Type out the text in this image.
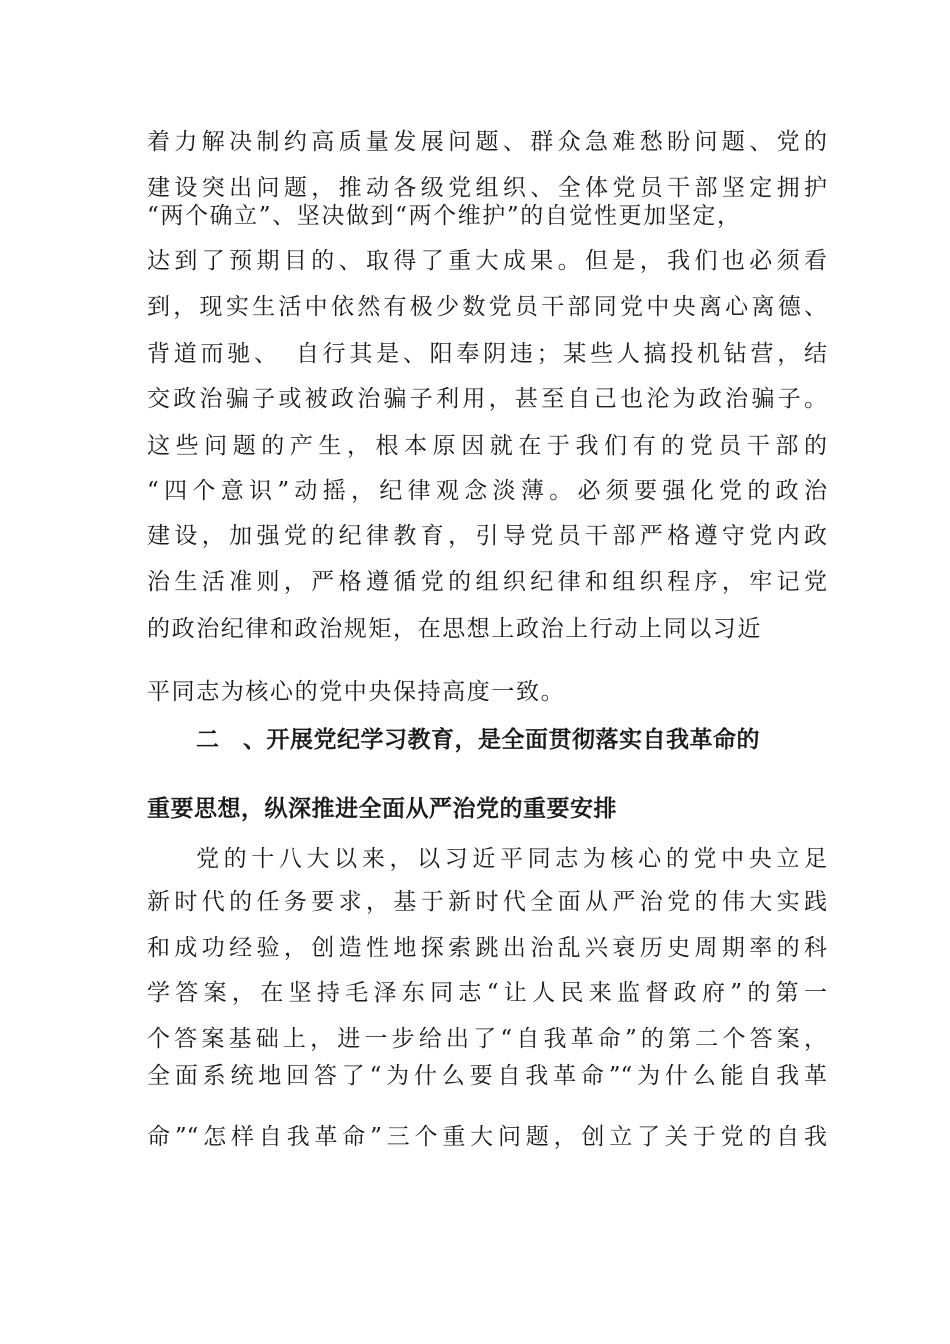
着力解决制约高质量发展问题、群众急难愁盼问题、党的
建设突出问题，推动各级党组织、全体党员干部坚定拥护
“两个确立”、坚决做到“两个维护”的自觉性更加坚定，
达到了预期目的、取得了重大成果。但是，我们也必须看
到，现实生活中依然有极少数党员干部同党中央离心离德、
背道而驰、　自行其是、阳奉阴违；某些人搞投机钻营，结
交政治骗子或被政治骗子利用，甚至自己也沦为政治骗子。
这些问题的产生，根本原因就在于我们有的党员干部的
“四个意识”动摇，纪律观念淡薄。必须要强化党的政治
建设，加强党的纪律教育，引导党员干部严格遵守党内政
治生活准则，严格遵循党的组织纪律和组织程序，牢记党
的政治纪律和政治规矩，在思想上政治上行动上同以习近
平同志为核心的党中央保持高度一致。
二　、开展党纪学习教育，是全面贯彻落实自我革命的
重要思想，纵深推进全面从严治党的重要安排
党的十八大以来，以习近平同志为核心的党中央立足
新时代的任务要求，基于新时代全面从严治党的伟大实践
和成功经验，创造性地探索跳出治乱兴衰历史周期率的科
学答案，在坚持毛泽东同志“让人民来监督政府”的第一
个答案基础上，进一步给出了“自我革命”的第二个答案，
全面系统地回答了“为什么要自我革命”“为什么能自我革
命”“怎样自我革命”三个重大问题，创立了关于党的自我
